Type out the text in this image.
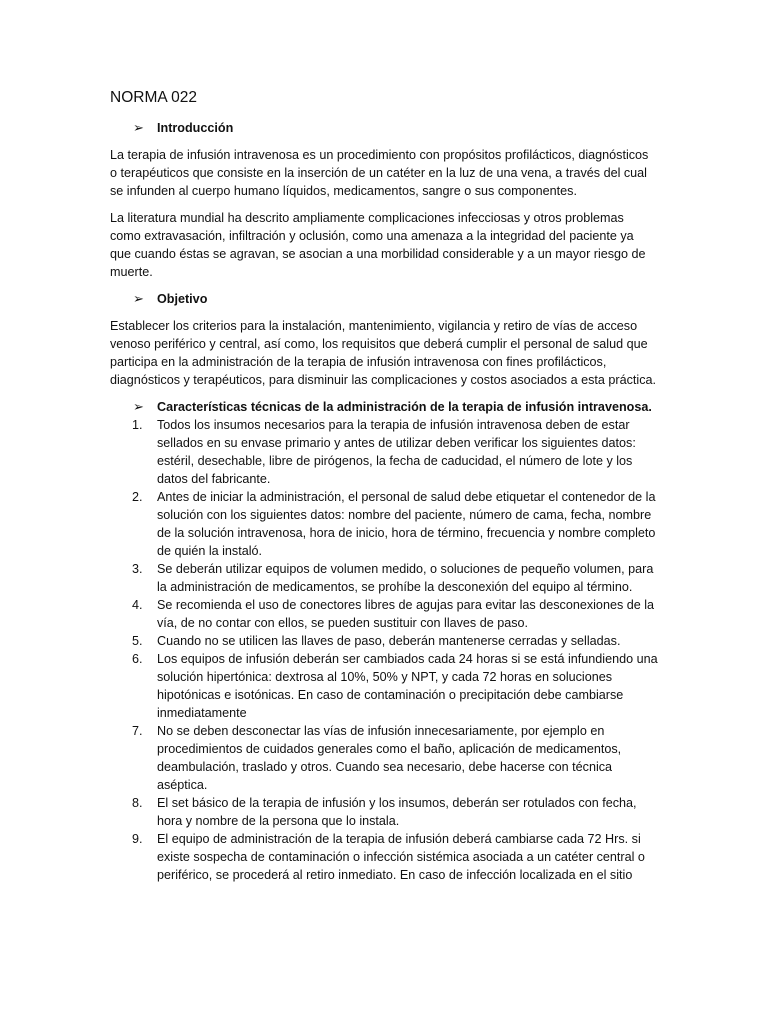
NORMA 022
➢	Introducción

La terapia de infusión intravenosa es un procedimiento con propósitos profilácticos, diagnósticos o terapéuticos que consiste en la inserción de un catéter en la luz de una vena, a través del cual se infunden al cuerpo humano líquidos, medicamentos, sangre o sus componentes.

La literatura mundial ha descrito ampliamente complicaciones infecciosas y otros problemas como extravasación, infiltración y oclusión, como una amenaza a la integridad del paciente ya que cuando éstas se agravan, se asocian a una morbilidad considerable y a un mayor riesgo de muerte.

➢	Objetivo

Establecer los criterios para la instalación, mantenimiento, vigilancia y retiro de vías de acceso venoso periférico y central, así como, los requisitos que deberá cumplir el personal de salud que participa en la administración de la terapia de infusión intravenosa con fines profilácticos, diagnósticos y terapéuticos, para disminuir las complicaciones y costos asociados a esta práctica.

➢	Características técnicas de la administración de la terapia de infusión intravenosa.
1.	Todos los insumos necesarios para la terapia de infusión intravenosa deben de estar sellados en su envase primario y antes de utilizar deben verificar los siguientes datos: estéril, desechable, libre de pirógenos, la fecha de caducidad, el número de lote y los datos del fabricante.
2.	Antes de iniciar la administración, el personal de salud debe etiquetar el contenedor de la solución con los siguientes datos: nombre del paciente, número de cama, fecha, nombre de la solución intravenosa, hora de inicio, hora de término, frecuencia y nombre completo de quién la instaló.
3.	Se deberán utilizar equipos de volumen medido, o soluciones de pequeño volumen, para la administración de medicamentos, se prohíbe la desconexión del equipo al término.
4.	Se recomienda el uso de conectores libres de agujas para evitar las desconexiones de la vía, de no contar con ellos, se pueden sustituir con llaves de paso.
5.	Cuando no se utilicen las llaves de paso, deberán mantenerse cerradas y selladas.
6.	Los equipos de infusión deberán ser cambiados cada 24 horas si se está infundiendo una solución hipertónica: dextrosa al 10%, 50% y NPT, y cada 72 horas en soluciones hipotónicas e isotónicas. En caso de contaminación o precipitación debe cambiarse inmediatamente
7.	No se deben desconectar las vías de infusión innecesariamente, por ejemplo en procedimientos de cuidados generales como el baño, aplicación de medicamentos, deambulación, traslado y otros. Cuando sea necesario, debe hacerse con técnica aséptica.
8.	El set básico de la terapia de infusión y los insumos, deberán ser rotulados con fecha, hora y nombre de la persona que lo instala.
9.	El equipo de administración de la terapia de infusión deberá cambiarse cada 72 Hrs. si existe sospecha de contaminación o infección sistémica asociada a un catéter central o periférico, se procederá al retiro inmediato. En caso de infección localizada en el sitio
